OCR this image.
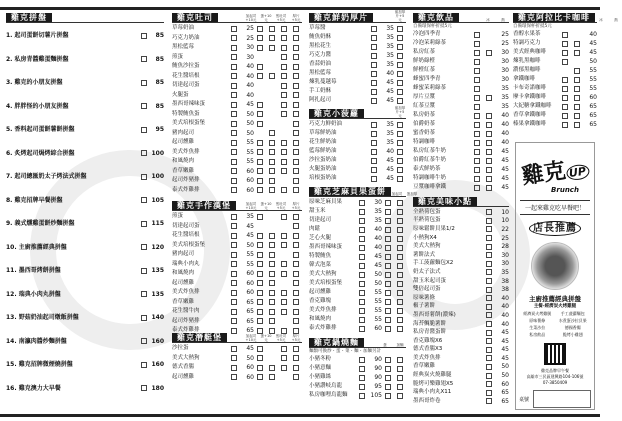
雞克拼盤
1. 起司蛋餅切薯片拼盤	85
2. 私房青醬雞蛋麵拼盤	85
3. 雞克的小朋友拼盤	85
4. 胖胖怪的小朋友拼盤	85
5. 香料起司蛋餅薯餅拼盤	95
6. 炙烤起司焗烤綜合拼盤	100
7. 起司總匯奶太子烤法式拼盤	100
8. 雞克招牌早餐拼盤	105
9. 義式燻雞蛋餅炒麵拼盤	115
10. 主廚推薦經典拼盤	120
11. 墨西哥烤餅拼盤	135
12. 瑞典小肉丸拼盤	135
13. 野菇奶油起司燉飯拼盤	140
14. 南瀛肉醬炒麵拼盤	160
15. 雞克招牌微煙燒拼盤	160
16. 雞克澳力大早餐	180
雞克吐司	加起司+10元
蛋+10元
煎吐司+5元
厚片+5元
草莓奶油	25
巧克力奶油	25
黑松藍莓	30
煎蛋	30
鮪魚沙拉蛋	40
花生醬培根	40
切達起司蛋	40
火腿蛋	40
墨西哥辣味蛋	45
特製鮪魚蛋	50
美式培根蛋堡	50
豬肉起司	50
起司燻雞	55
美式炸魚排	55
和風燒肉	55
香草嫩雞	60
起司炸豬排	60
泰式炸雞排	60
雞克手作漢堡	加起司+10元
蛋+10元
煎吐司+5元
厚片+5元
煎蛋	35
切達起司蛋	45
花生醬培根	45
美式培根蛋堡	50
豬肉起司	55
瑞典小肉丸	55
和風燒肉	60
起司燻雞	60
美式炸魚排	60
香草嫩雞	65
花生醬牛肉	65
起司炸豬排	65
泰式炸雞排	65
雞克潛艇堡	加起司+10元
蛋+10元
煎吐司+5元
厚片+5元
沙拉蛋	45
美式大熱狗	50
德式香腸	60
起司燻雞	60
雞克鮮奶厚片
蜜加厚片+5元
草莓醬	35
鮪魚奶酥	35
黑松花生	35
巧克力醬	35
香蒜奶油	35
黑松藍莓	40
煉乳蔓越莓	45
手工奶酥	45
阿扎起司	45
雞克小菠蘿
蜜加厚片+5元
巧克力鮮奶油	35
草莓鮮奶油	35
花生鮮奶油	35
藍莓鮮奶油	40
沙拉蛋奶油	45
火腿蛋奶油	45
培根蛋奶油	45
雞克芝麻貝果蛋餅	加起司 蛋加厚
原味芝麻貝果	30
甜玉米	35
切達起司	35
肉鬆	40
芝心火腿	40
墨西哥辣味蛋	40
特製鮪魚	45
韓式泡菜	45
美式大熱狗	50
美式培根蛋堡	50
起司燻雞	55
香克雞塊	55
美式炸魚排	55
和風燒肉	55
泰式炸雞排	60
雞克鍋燒麵	蛋	加麵
麵類可換炒・蛋・菜・麵・加麵另計
小豬冬粉	90
小豬意麵	90
小豬雞絲	90
小豬讚岐烏龍	95
私房咖哩烏龍麵	105
雞克飲品	冰	熱
自備環保杯折抵5元
冷泡四季青	25
冷泡茉莉綠茶	25
私房紅茶	30
鮮奶綠橙	30
鮮橙紅茶	30
蜂蜜四季青	30
蜂蜜茉莉綠茶	35
厚片豆漿	35
紅茶豆漿	35
私房奶茶	40
伯爵奶茶	40
蜜香奶茶	40
特調咖啡	40
私房紅茶牛奶	45
伯爵紅茶牛奶	45
泰式鮮奶茶	45
特調咖啡牛奶	45
豆漿咖啡拿鐵	45
雞克美味小點
全熟荷包蛋	10
半熟荷包蛋	10
原味鬆餅貝果1/2	22
小熱狗X4	25
美式大熱狗	28
薯餅法式	30
手工菠蘿麵包X2	30
奶太子法式	35
甜玉米起司蛋	38
雙倍起司蛋	38
原味薯條	40
椒子薯餅	40
墨西哥薯餅(濃辣)	40
海苔鯛脆薯餅	40
私房青醬蛋餅	45
香克雞塊X6	45
德式香腸X3	45
美式炸魚排	45
香草嫩雞	50
經典炭火燒雞腿	50
脆烤可樂雞翅X5	60
瑞典小肉丸X11	65
墨西哥炸卷	65
雞克阿拉比卡咖啡	冰	熱
自備環保杯折抵5元
香醇水果茶	40
特調巧克力	45
美式經典咖啡	45
煉乳黑咖啡	50
濃郁黑咖啡	55
拿鐵咖啡	55
卡布奇諾咖啡	55
摩卡拿鐵咖啡	60
大紀糖拿鐵咖啡	65
香草拿鐵咖啡	65
榛果拿鐵咖啡	65
雞克UP
Brunch
一起來雞克吃早餐吧！
店長推薦
主廚推薦經典拼盤
主餐-經濟炭火烤雞腿
經濟炭火烤雞腿	手工菠蘿麵包
原味薯條	水煮蛋沙拉貝果
生菜沙拉	德國香腸
私房飲品	脆烤小雞翅
雞克品牌早午餐
高雄市三民區建興路104-106號
07-3850409
桌號
